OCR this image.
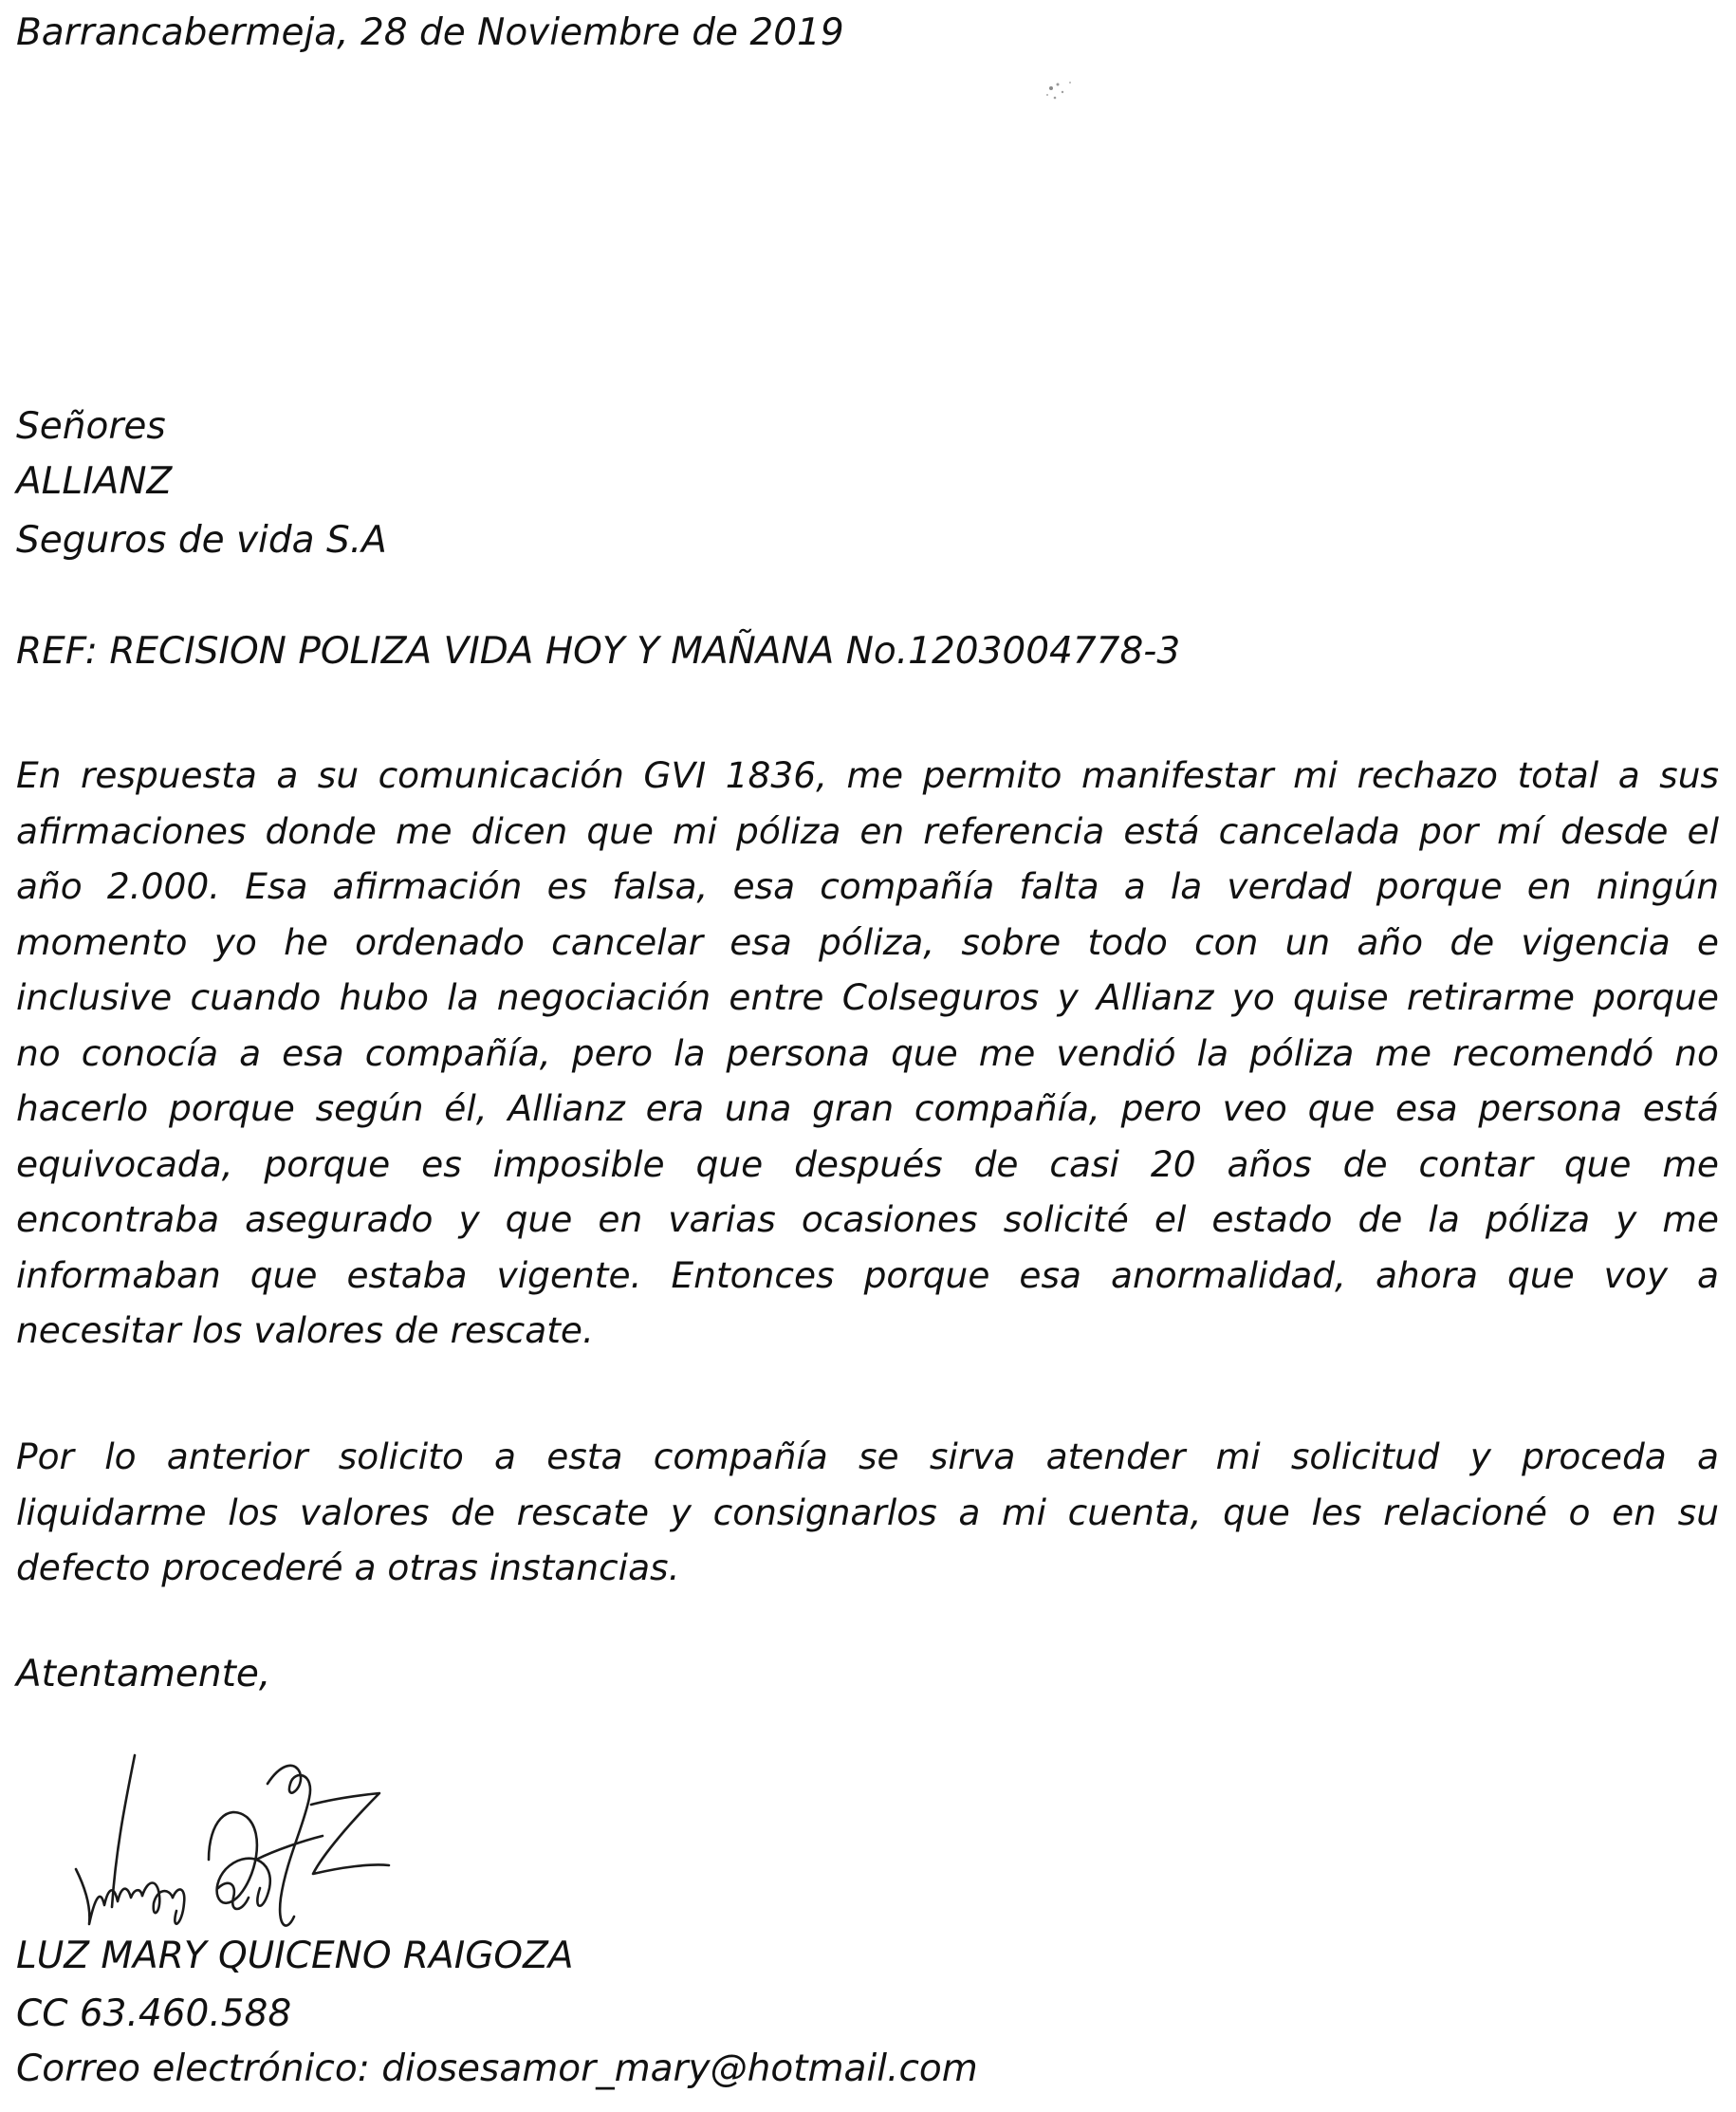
Barrancabermeja, 28 de Noviembre de 2019
Señores
ALLIANZ
Seguros de vida S.A
REF: RECISION POLIZA VIDA HOY Y MAÑANA No.1203004778-3
En respuesta a su comunicación GVI 1836, me permito manifestar mi rechazo total a sus
afirmaciones donde me dicen que mi póliza en referencia está cancelada por mí desde el
año 2.000. Esa afirmación es falsa, esa compañía falta a la verdad porque en ningún
momento yo he ordenado cancelar esa póliza, sobre todo con un año de vigencia e
inclusive cuando hubo la negociación entre Colseguros y Allianz yo quise retirarme porque
no conocía a esa compañía, pero la persona que me vendió la póliza me recomendó no
hacerlo porque según él, Allianz era una gran compañía, pero veo que esa persona está
equivocada, porque es imposible que después de casi 20 años de contar que me
encontraba asegurado y que en varias ocasiones solicité el estado de la póliza y me
informaban que estaba vigente. Entonces porque esa anormalidad, ahora que voy a
necesitar los valores de rescate.
Por lo anterior solicito a esta compañía se sirva atender mi solicitud y proceda a
liquidarme los valores de rescate y consignarlos a mi cuenta, que les relacioné o en su
defecto procederé a otras instancias.
Atentamente,
LUZ MARY QUICENO RAIGOZA
CC 63.460.588
Correo electrónico: diosesamor_mary@hotmail.com
